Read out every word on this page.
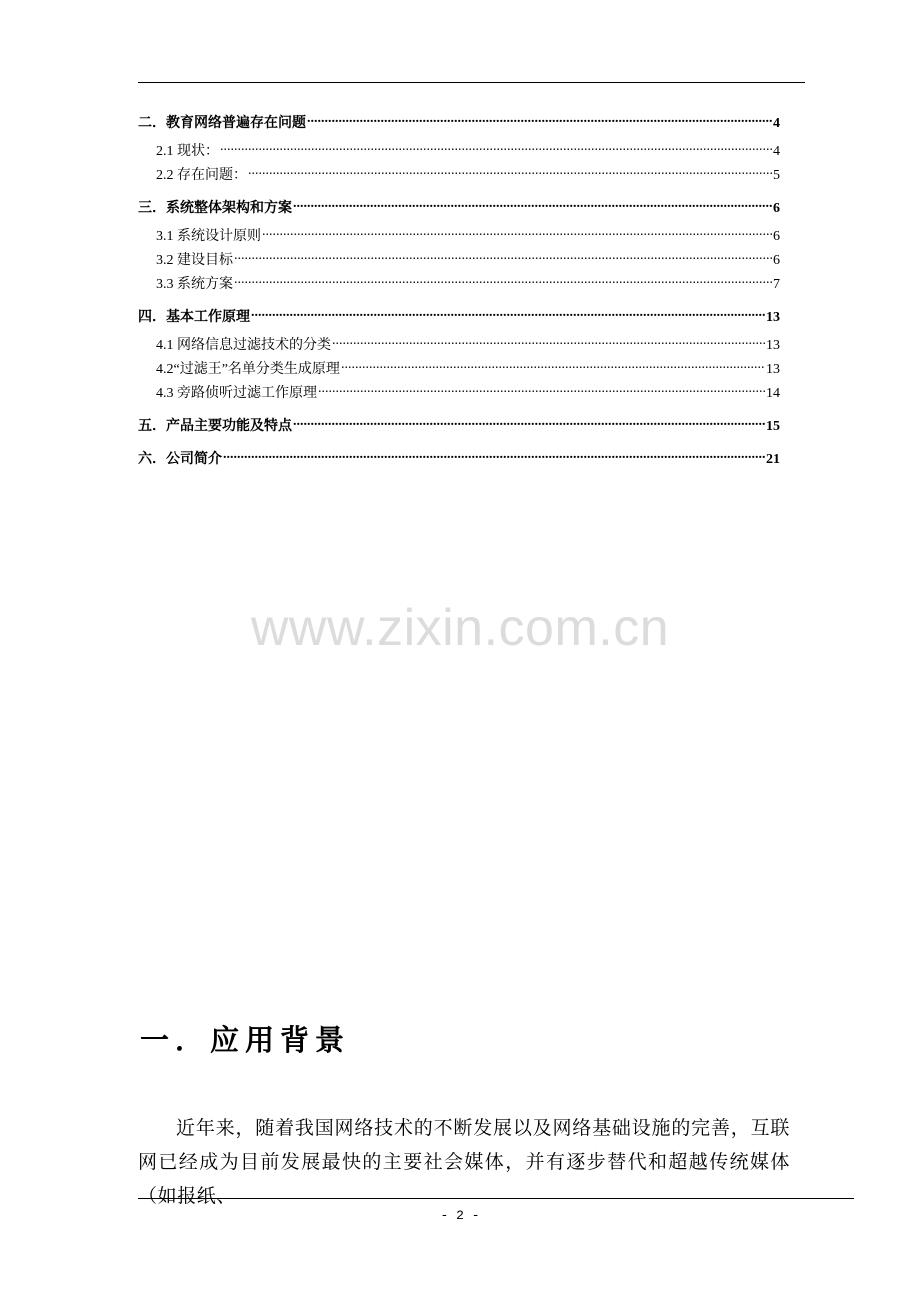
二．教育网络普遍存在问题 .....	4
2.1 现状： .....	4
2.2 存在问题： .....	5
三．系统整体架构和方案 .....	6
3.1 系统设计原则 .....	6
3.2 建设目标 .....	6
3.3 系统方案 .....	7
四．基本工作原理 .....	13
4.1 网络信息过滤技术的分类 .....	13
4.2“过滤王”名单分类生成原理 .....	13
4.3 旁路侦听过滤工作原理 .....	14
五．产品主要功能及特点 .....	15
六．公司简介 .....	21
www.zixin.com.cn
一．应用背景

近年来，随着我国网络技术的不断发展以及网络基础设施的完善，互联网已经成为目前发展最快的主要社会媒体，并有逐步替代和超越传统媒体（如报纸、

- 2 -
